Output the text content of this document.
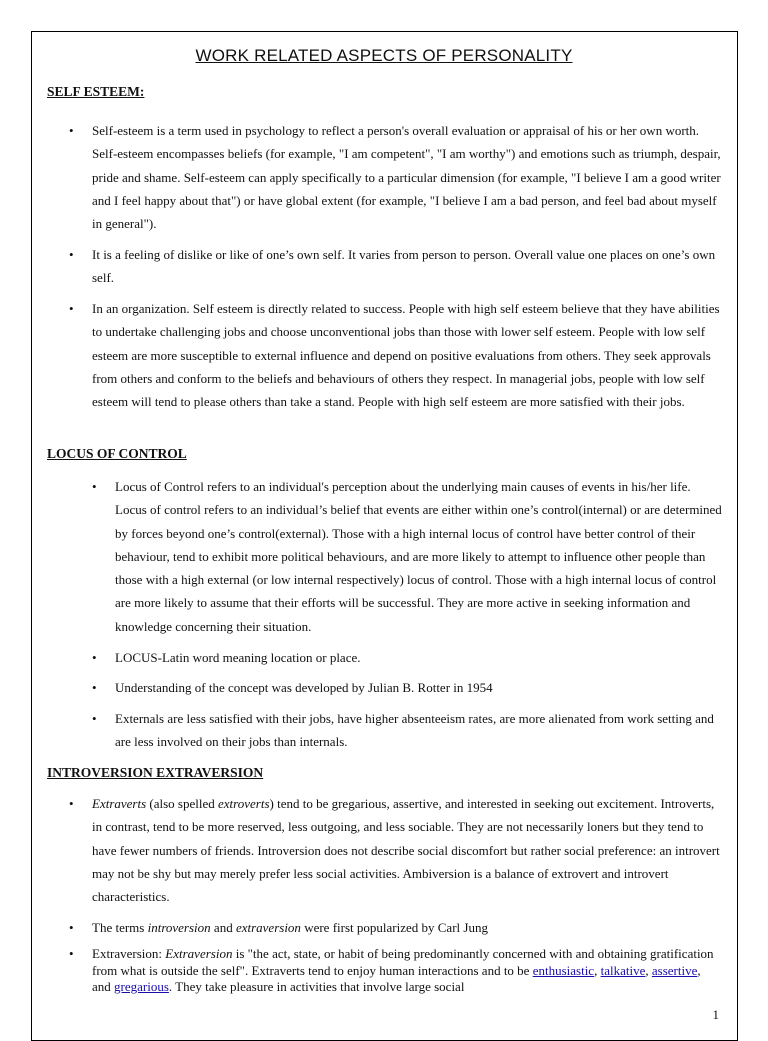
WORK RELATED ASPECTS OF PERSONALITY
SELF ESTEEM:
• Self-esteem is a term used in psychology to reflect a person's overall evaluation or appraisal of his or her own worth. Self-esteem encompasses beliefs (for example, "I am competent", "I am worthy") and emotions such as triumph, despair, pride and shame. Self-esteem can apply specifically to a particular dimension (for example, "I believe I am a good writer and I feel happy about that") or have global extent (for example, "I believe I am a bad person, and feel bad about myself in general").
• It is a feeling of dislike or like of one’s own self. It varies from person to person. Overall value one places on one’s own self.
• In an organization. Self esteem is directly related to success. People with high self esteem believe that they have abilities to undertake challenging jobs and choose unconventional jobs than those with lower self esteem. People with low self esteem are more susceptible to external influence and depend on positive evaluations from others. They seek approvals from others and conform to the beliefs and behaviours of others they respect. In managerial jobs, people with low self esteem will tend to please others than take a stand. People with high self esteem are more satisfied with their jobs.
LOCUS OF CONTROL
• Locus of Control refers to an individual's perception about the underlying main causes of events in his/her life. Locus of control refers to an individual’s belief that events are either within one’s control(internal) or are determined by forces beyond one’s control(external). Those with a high internal locus of control have better control of their behaviour, tend to exhibit more political behaviours, and are more likely to attempt to influence other people than those with a high external (or low internal respectively) locus of control. Those with a high internal locus of control are more likely to assume that their efforts will be successful. They are more active in seeking information and knowledge concerning their situation.
• LOCUS-Latin word meaning location or place.
• Understanding of the concept was developed by Julian B. Rotter in 1954
• Externals are less satisfied with their jobs, have higher absenteeism rates, are more alienated from work setting and are less involved on their jobs than internals.
INTROVERSION EXTRAVERSION
• Extraverts (also spelled extroverts) tend to be gregarious, assertive, and interested in seeking out excitement. Introverts, in contrast, tend to be more reserved, less outgoing, and less sociable. They are not necessarily loners but they tend to have fewer numbers of friends. Introversion does not describe social discomfort but rather social preference: an introvert may not be shy but may merely prefer less social activities. Ambiversion is a balance of extrovert and introvert characteristics.
• The terms introversion and extraversion were first popularized by Carl Jung
• Extraversion: Extraversion is "the act, state, or habit of being predominantly concerned with and obtaining gratification from what is outside the self". Extraverts tend to enjoy human interactions and to be enthusiastic, talkative, assertive, and gregarious. They take pleasure in activities that involve large social
1
